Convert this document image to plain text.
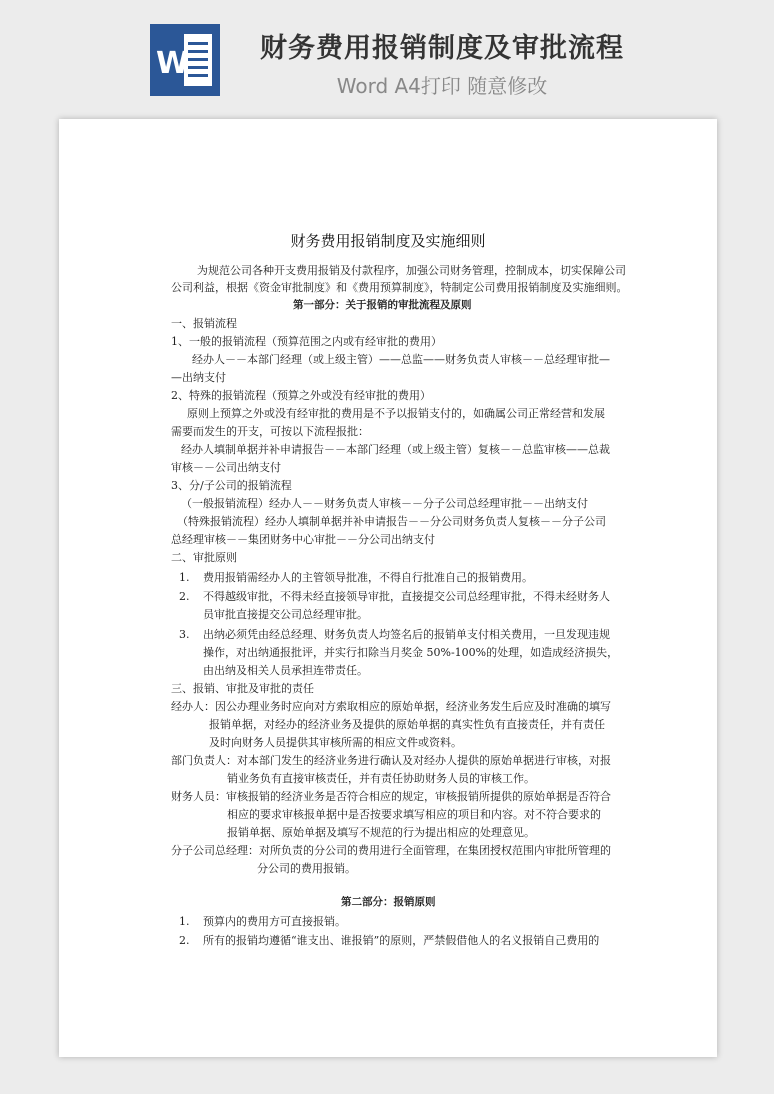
W	财务费用报销制度及审批流程
Word A4打印 随意修改

财务费用报销制度及实施细则

为规范公司各种开支费用报销及付款程序，加强公司财务管理，控制成本，切实保障公司

公司利益，根据《资金审批制度》和《费用预算制度》，特制定公司费用报销制度及实施细则。

第一部分：关于报销的审批流程及原则

一、报销流程

1、一般的报销流程（预算范围之内或有经审批的费用）

经办人－－本部门经理（或上级主管）——总监——财务负责人审核－－总经理审批—

—出纳支付

2、特殊的报销流程（预算之外或没有经审批的费用）

原则上预算之外或没有经审批的费用是不予以报销支付的，如确属公司正常经营和发展

需要而发生的开支，可按以下流程报批：

经办人填制单据并补申请报告－－本部门经理（或上级主管）复核－－总监审核——总裁

审核－－公司出纳支付

3、分/子公司的报销流程

（一般报销流程）经办人－－财务负责人审核－－分子公司总经理审批－－出纳支付

（特殊报销流程）经办人填制单据并补申请报告－－分公司财务负责人复核－－分子公司

总经理审核－－集团财务中心审批－－分公司出纳支付

二、审批原则

1. 费用报销需经办人的主管领导批准，不得自行批准自己的报销费用。

2. 不得越级审批，不得未经直接领导审批，直接提交公司总经理审批，不得未经财务人

员审批直接提交公司总经理审批。

3. 出纳必须凭由经总经理、财务负责人均签名后的报销单支付相关费用，一旦发现违规

操作，对出纳通报批评，并实行扣除当月奖金 50%-100%的处理，如造成经济损失，

由出纳及相关人员承担连带责任。

三、报销、审批及审批的责任

经办人：因公办理业务时应向对方索取相应的原始单据，经济业务发生后应及时准确的填写

报销单据，对经办的经济业务及提供的原始单据的真实性负有直接责任，并有责任

及时向财务人员提供其审核所需的相应文件或资料。

部门负责人：对本部门发生的经济业务进行确认及对经办人提供的原始单据进行审核，对报

销业务负有直接审核责任，并有责任协助财务人员的审核工作。

财务人员：审核报销的经济业务是否符合相应的规定，审核报销所提供的原始单据是否符合

相应的要求审核报单据中是否按要求填写相应的项目和内容。对不符合要求的

报销单据、原始单据及填写不规范的行为提出相应的处理意见。

分子公司总经理：对所负责的分公司的费用进行全面管理，在集团授权范围内审批所管理的

分公司的费用报销。

第二部分：报销原则

1. 预算内的费用方可直接报销。

2. 所有的报销均遵循“谁支出、谁报销”的原则，严禁假借他人的名义报销自己费用的
